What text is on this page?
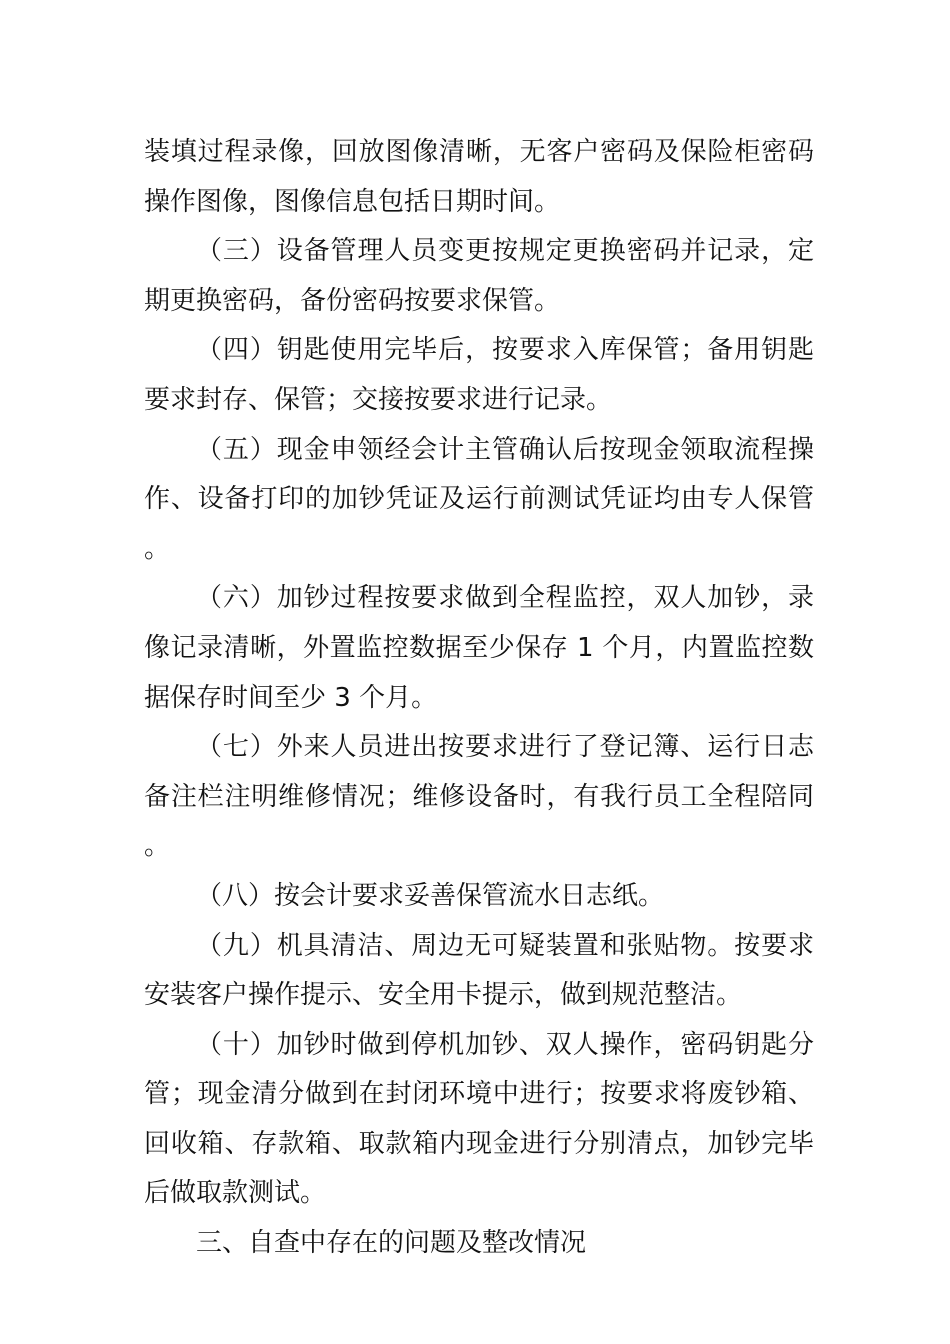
装填过程录像，回放图像清晰，无客户密码及保险柜密码操作图像，图像信息包括日期时间。

（三）设备管理人员变更按规定更换密码并记录，定期更换密码，备份密码按要求保管。

（四）钥匙使用完毕后，按要求入库保管；备用钥匙要求封存、保管；交接按要求进行记录。

（五）现金申领经会计主管确认后按现金领取流程操作、设备打印的加钞凭证及运行前测试凭证均由专人保管。

（六）加钞过程按要求做到全程监控，双人加钞，录像记录清晰，外置监控数据至少保存 1 个月，内置监控数据保存时间至少 3 个月。

（七）外来人员进出按要求进行了登记簿、运行日志备注栏注明维修情况；维修设备时，有我行员工全程陪同。

（八）按会计要求妥善保管流水日志纸。

（九）机具清洁、周边无可疑装置和张贴物。按要求安装客户操作提示、安全用卡提示，做到规范整洁。

（十）加钞时做到停机加钞、双人操作，密码钥匙分管；现金清分做到在封闭环境中进行；按要求将废钞箱、回收箱、存款箱、取款箱内现金进行分别清点，加钞完毕后做取款测试。

三、自查中存在的问题及整改情况
